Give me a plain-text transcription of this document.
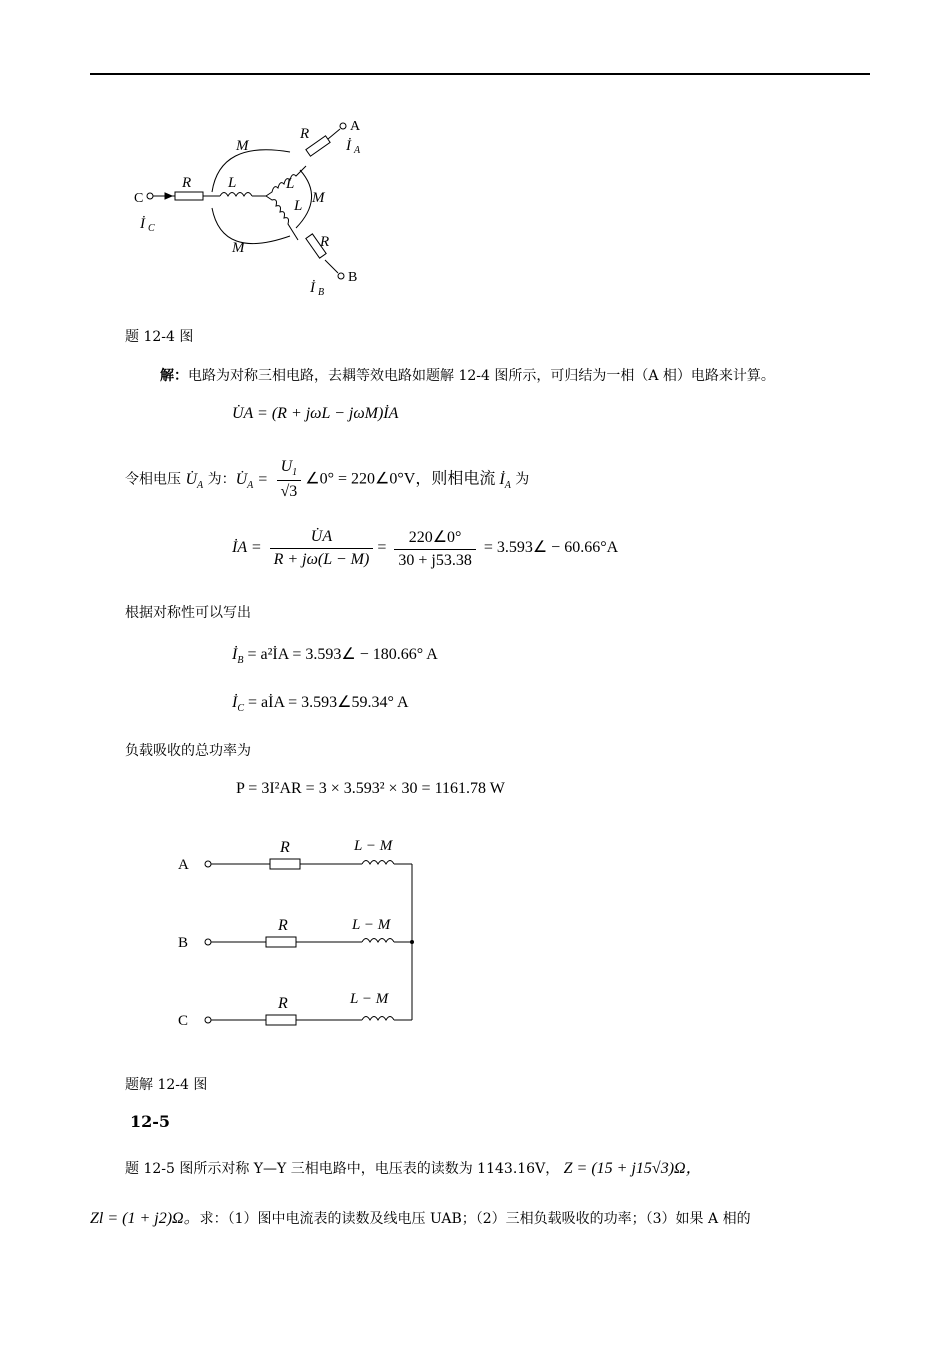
C
R L
İ C
R	A
İ A
M
L
M
L
M	R
B
İ B
题 12-4 图
解：电路为对称三相电路，去耦等效电路如题解 12-4 图所示，可归结为一相（A 相）电路来计算。
U̇A = (R + jωL − jωM)İA
令相电压 $U̇_A$ 为：$U̇_A = \frac{U_1}{√3}$ ∠0° = 220∠0°V，则相电流 $İ_A$ 为
İA = $\frac{U̇A}{R + j\omega(L - M)} = \frac{220\angle 0^\circ}{30 + j53.38}$ = 3.593∠ − 60.66°A
根据对称性可以写出
$İ_B$ = a²İA = 3.593∠ − 180.66° A
$İ_C$ = aİA = 3.593∠59.34° A
负载吸收的总功率为
P = 3I²AR = 3 × 3.593² × 30 = 1161.78 W
A
B
C
R
R
R
L − M
L − M
L − M
题解 12-4 图
12-5
题 12-5 图所示对称 Y—Y 三相电路中，电压表的读数为 1143.16V， Z = (15 + j15√3)Ω，
Zl = (1 + j2)Ω。求：（1）图中电流表的读数及线电压 UAB；（2）三相负载吸收的功率；（3）如果 A 相的
